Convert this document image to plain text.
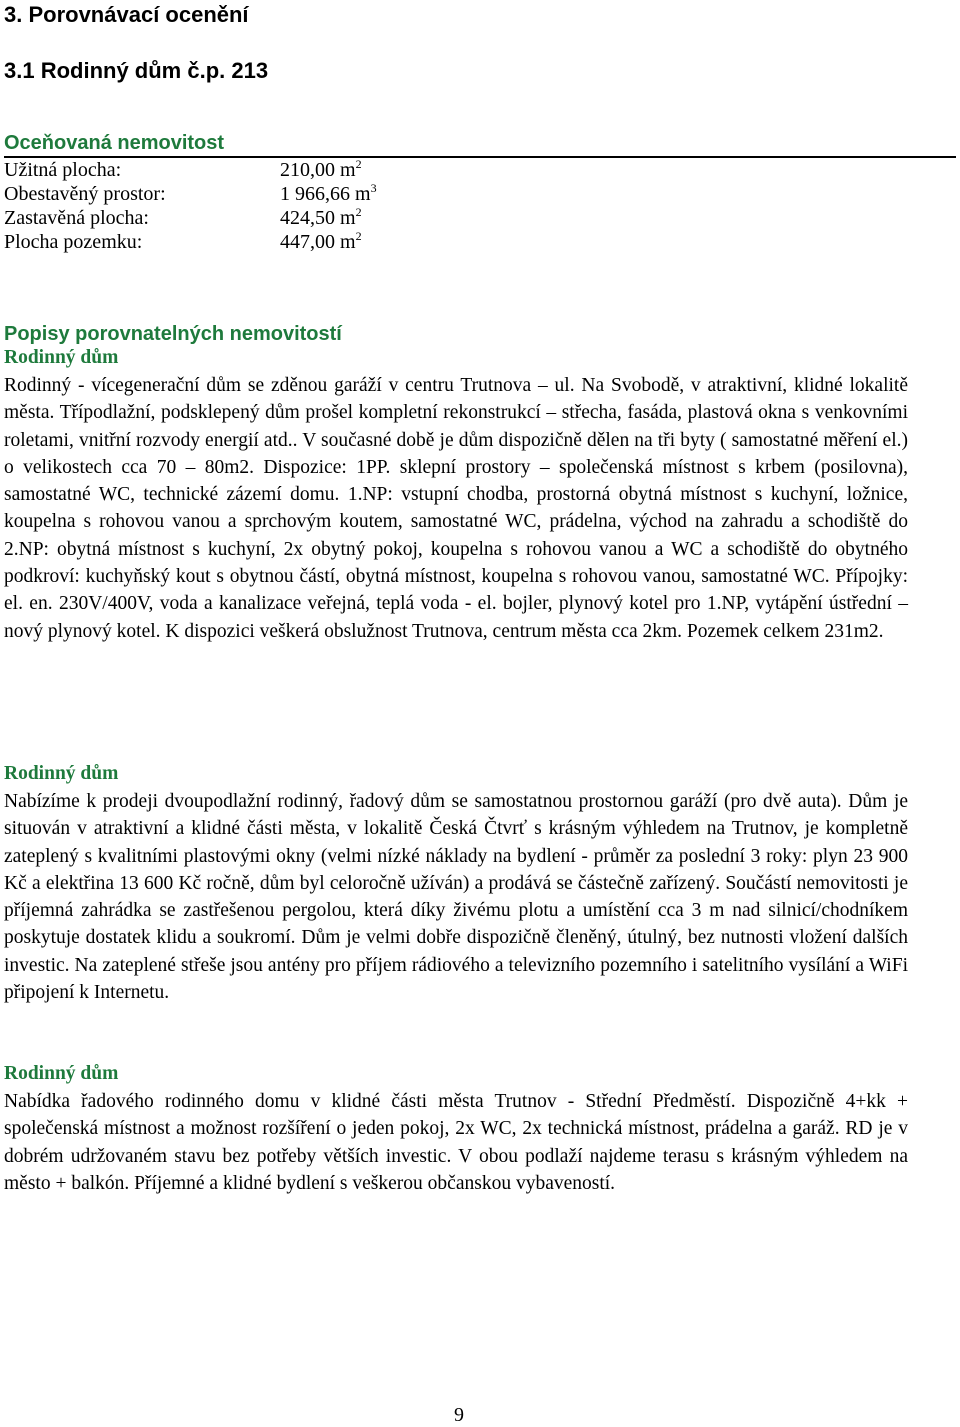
3. Porovnávací ocenění
3.1 Rodinný dům č.p. 213
Oceňovaná nemovitost
Užitná plocha:	210,00 $m^2$
Obestavěný prostor:	1 966,66 $m^3$
Zastavěná plocha:	424,50 $m^2$
Plocha pozemku:	447,00 $m^2$
Popisy porovnatelných nemovitostí
Rodinný dům
Rodinný - vícegenerační dům se zděnou garáží v centru Trutnova – ul. Na Svobodě, v atraktivní, klidné lokalitě města. Třípodlažní, podsklepený dům prošel kompletní rekonstrukcí – střecha, fasáda, plastová okna s venkovními roletami, vnitřní rozvody energií atd.. V současné době je dům dispozičně dělen na tři byty ( samostatné měření el.) o velikostech cca 70 – 80m2. Dispozice: 1PP. sklepní prostory – společenská místnost s krbem (posilovna), samostatné WC, technické zázemí domu. 1.NP: vstupní chodba, prostorná obytná místnost s kuchyní, ložnice, koupelna s rohovou vanou a sprchovým koutem, samostatné WC, prádelna, východ na zahradu a schodiště do 2.NP: obytná místnost s kuchyní, 2x obytný pokoj, koupelna s rohovou vanou a WC a schodiště do obytného podkroví: kuchyňský kout s obytnou částí, obytná místnost, koupelna s rohovou vanou, samostatné WC. Přípojky: el. en. 230V/400V, voda a kanalizace veřejná, teplá voda - el. bojler, plynový kotel pro 1.NP, vytápění ústřední – nový plynový kotel. K dispozici veškerá obslužnost Trutnova, centrum města cca 2km. Pozemek celkem 231m2.
Rodinný dům
Nabízíme k prodeji dvoupodlažní rodinný, řadový dům se samostatnou prostornou garáží (pro dvě auta). Dům je situován v atraktivní a klidné části města, v lokalitě Česká Čtvrť s krásným výhledem na Trutnov, je kompletně zateplený s kvalitními plastovými okny (velmi nízké náklady na bydlení - průměr za poslední 3 roky: plyn 23 900 Kč a elektřina 13 600 Kč ročně, dům byl celoročně užíván) a prodává se částečně zařízený. Součástí nemovitosti je příjemná zahrádka se zastřešenou pergolou, která díky živému plotu a umístění cca 3 m nad silnicí/chodníkem poskytuje dostatek klidu a soukromí. Dům je velmi dobře dispozičně členěný, útulný, bez nutnosti vložení dalších investic. Na zateplené střeše jsou antény pro příjem rádiového a televizního pozemního i satelitního vysílání a WiFi připojení k Internetu.
Rodinný dům
Nabídka řadového rodinného domu v klidné části města Trutnov - Střední Předměstí. Dispozičně 4+kk + společenská místnost a možnost rozšíření o jeden pokoj, 2x WC, 2x technická místnost, prádelna a garáž. RD je v dobrém udržovaném stavu bez potřeby větších investic. V obou podlaží najdeme terasu s krásným výhledem na město + balkón. Příjemné a klidné bydlení s veškerou občanskou vybaveností.
9
